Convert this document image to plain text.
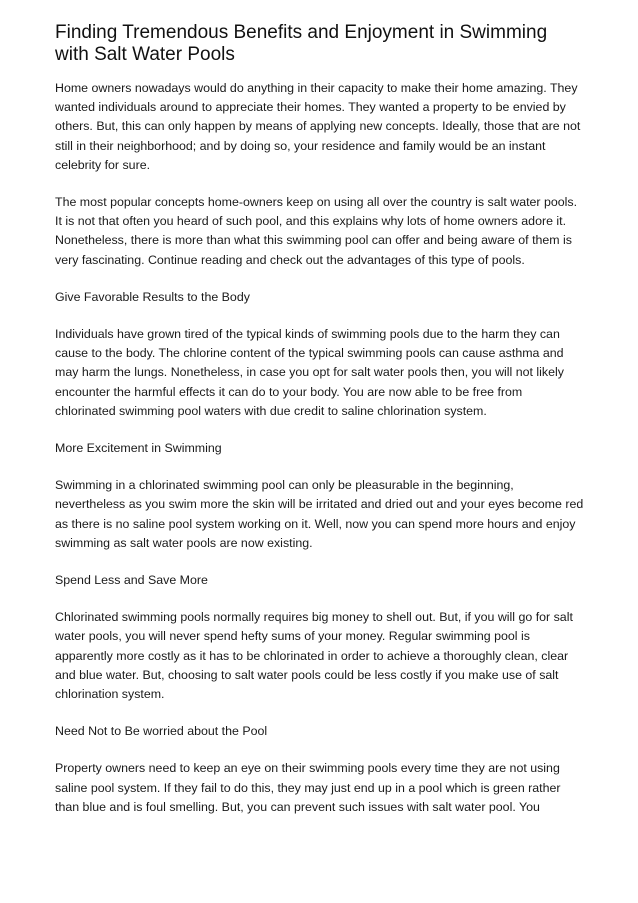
Finding Tremendous Benefits and Enjoyment in Swimming with Salt Water Pools

Home owners nowadays would do anything in their capacity to make their home amazing. They wanted individuals around to appreciate their homes. They wanted a property to be envied by others. But, this can only happen by means of applying new concepts. Ideally, those that are not still in their neighborhood; and by doing so, your residence and family would be an instant celebrity for sure.

The most popular concepts home-owners keep on using all over the country is salt water pools. It is not that often you heard of such pool, and this explains why lots of home owners adore it. Nonetheless, there is more than what this swimming pool can offer and being aware of them is very fascinating. Continue reading and check out the advantages of this type of pools.

Give Favorable Results to the Body

Individuals have grown tired of the typical kinds of swimming pools due to the harm they can cause to the body. The chlorine content of the typical swimming pools can cause asthma and may harm the lungs. Nonetheless, in case you opt for salt water pools then, you will not likely encounter the harmful effects it can do to your body. You are now able to be free from chlorinated swimming pool waters with due credit to saline chlorination system.

More Excitement in Swimming

Swimming in a chlorinated swimming pool can only be pleasurable in the beginning, nevertheless as you swim more the skin will be irritated and dried out and your eyes become red as there is no saline pool system working on it. Well, now you can spend more hours and enjoy swimming as salt water pools are now existing.

Spend Less and Save More

Chlorinated swimming pools normally requires big money to shell out. But, if you will go for salt water pools, you will never spend hefty sums of your money. Regular swimming pool is apparently more costly as it has to be chlorinated in order to achieve a thoroughly clean, clear and blue water. But, choosing to salt water pools could be less costly if you make use of salt chlorination system.

Need Not to Be worried about the Pool

Property owners need to keep an eye on their swimming pools every time they are not using saline pool system. If they fail to do this, they may just end up in a pool which is green rather than blue and is foul smelling. But, you can prevent such issues with salt water pool. You
